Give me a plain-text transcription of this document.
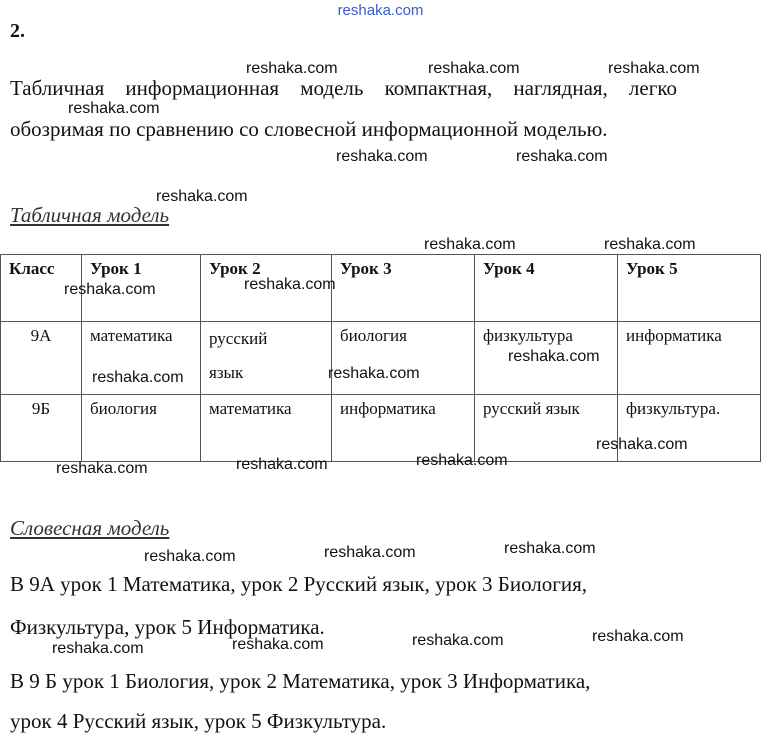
reshaka.com
2.

Табличная информационная модель компактная, наглядная, легко обозримая по сравнению со словесной информационной моделью.

Табличная модель
Класс	Урок 1	Урок 2	Урок 3	Урок 4	Урок 5
9А	математика	русский язык	биология	физкультура	информатика
9Б	биология	математика	информатика	русский язык	физкультура.
Словесная модель

В 9А урок 1 Математика, урок 2 Русский язык, урок 3 Биология,

Физкультура, урок 5 Информатика.

В 9 Б урок 1 Биология, урок 2 Математика, урок 3 Информатика,

урок 4 Русский язык, урок 5 Физкультура.

reshaka.com	reshaka.com	reshaka.com
reshaka.com
reshaka.com	reshaka.com
reshaka.com
reshaka.com	reshaka.com
reshaka.com	reshaka.com
reshaka.com
reshaka.com	reshaka.com
reshaka.com
reshaka.com	reshaka.com	reshaka.com
reshaka.com	reshaka.com	reshaka.com
reshaka.com	reshaka.com	reshaka.com	reshaka.com
